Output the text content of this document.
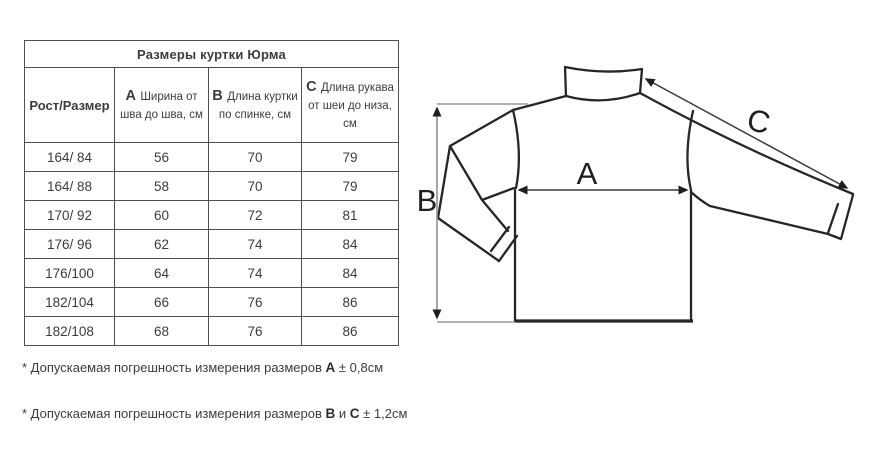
Размеры куртки Юрма			
Рост/Размер	A Ширина от шва до шва, см	B Длина куртки по спинке, см	C Длина рукава от шеи до низа, см
164/ 84	56	70	79
164/ 88	58	70	79
170/ 92	60	72	81
176/ 96	62	74	84
176/100	64	74	84
182/104	66	76	86
182/108	68	76	86
B
A
C
* Допускаемая погрешность измерения размеров A ± 0,8см
* Допускаемая погрешность измерения размеров B и C ± 1,2см
